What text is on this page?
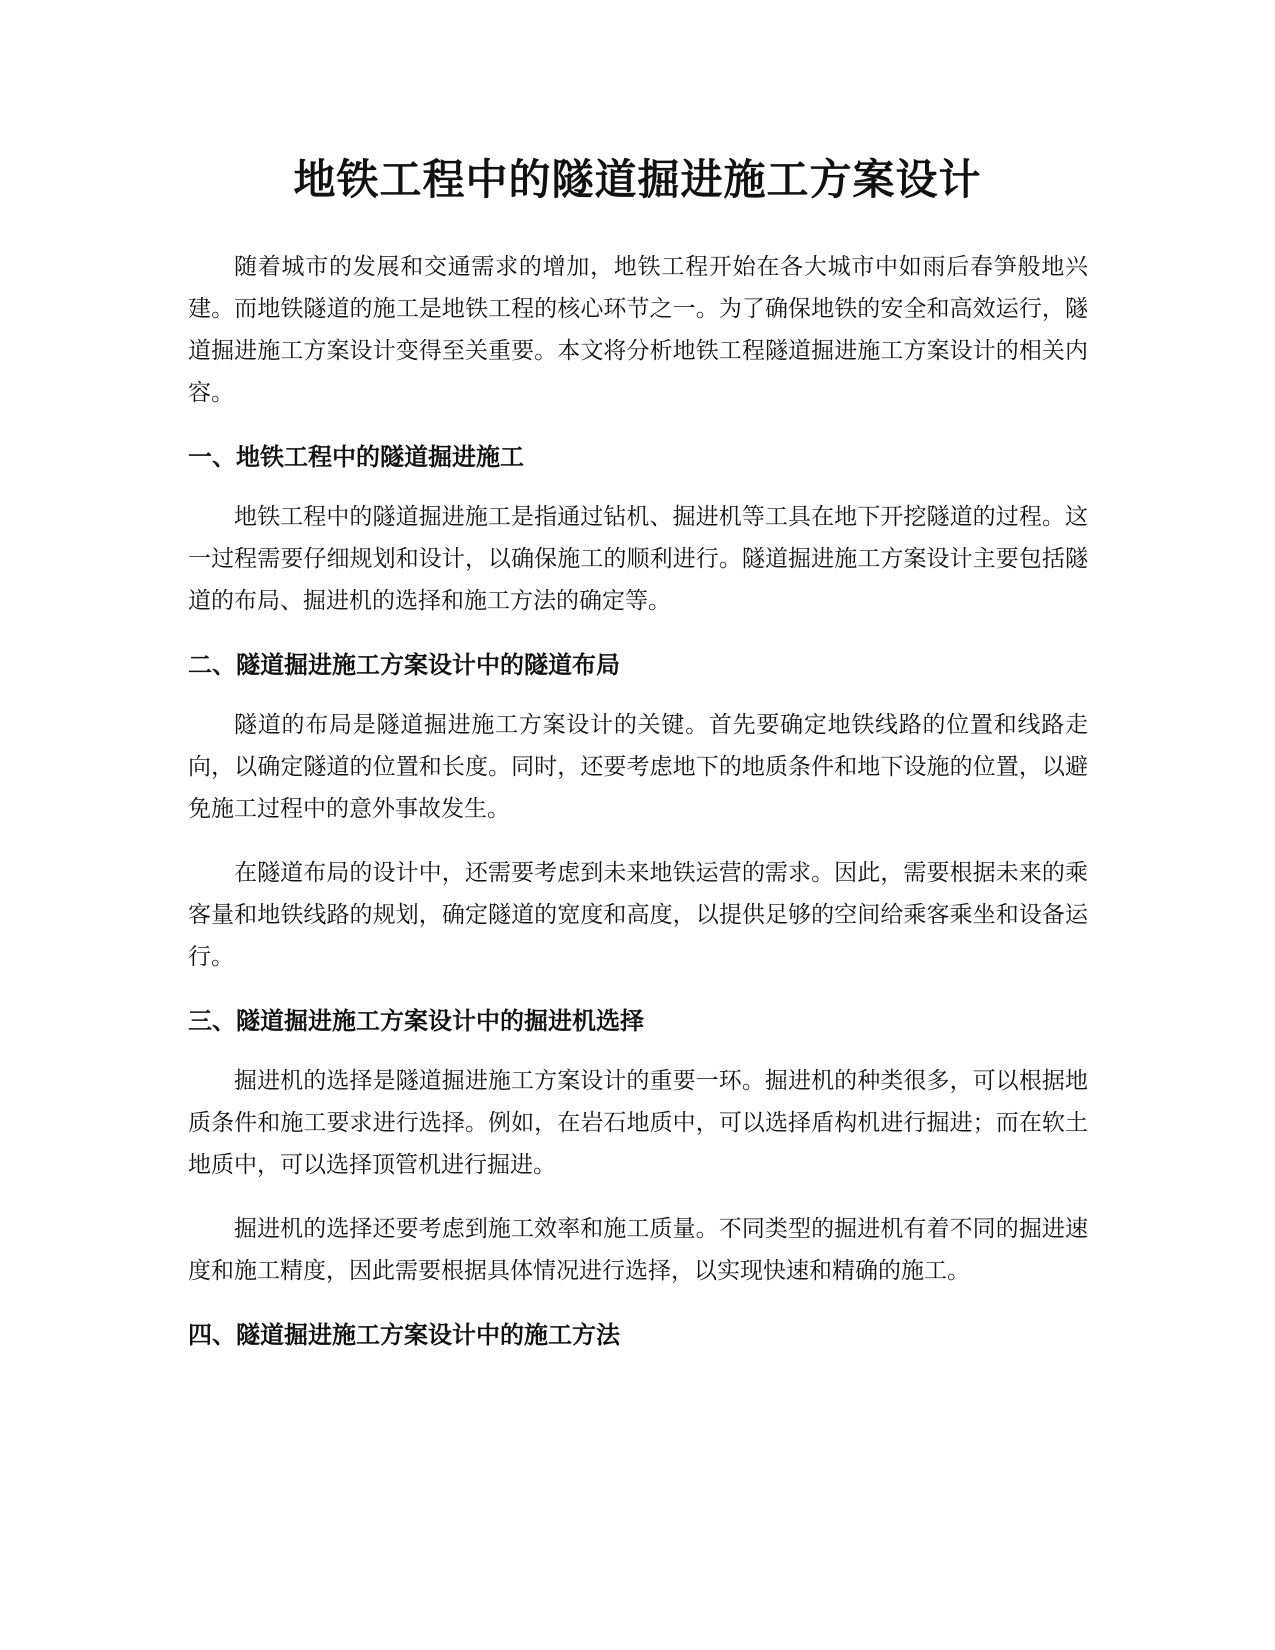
地铁工程中的隧道掘进施工方案设计

随着城市的发展和交通需求的增加，地铁工程开始在各大城市中如雨后春笋般地兴建。而地铁隧道的施工是地铁工程的核心环节之一。为了确保地铁的安全和高效运行，隧道掘进施工方案设计变得至关重要。本文将分析地铁工程隧道掘进施工方案设计的相关内容。

一、地铁工程中的隧道掘进施工

地铁工程中的隧道掘进施工是指通过钻机、掘进机等工具在地下开挖隧道的过程。这一过程需要仔细规划和设计，以确保施工的顺利进行。隧道掘进施工方案设计主要包括隧道的布局、掘进机的选择和施工方法的确定等。

二、隧道掘进施工方案设计中的隧道布局

隧道的布局是隧道掘进施工方案设计的关键。首先要确定地铁线路的位置和线路走向，以确定隧道的位置和长度。同时，还要考虑地下的地质条件和地下设施的位置，以避免施工过程中的意外事故发生。

在隧道布局的设计中，还需要考虑到未来地铁运营的需求。因此，需要根据未来的乘客量和地铁线路的规划，确定隧道的宽度和高度，以提供足够的空间给乘客乘坐和设备运行。

三、隧道掘进施工方案设计中的掘进机选择

掘进机的选择是隧道掘进施工方案设计的重要一环。掘进机的种类很多，可以根据地质条件和施工要求进行选择。例如，在岩石地质中，可以选择盾构机进行掘进；而在软土地质中，可以选择顶管机进行掘进。

掘进机的选择还要考虑到施工效率和施工质量。不同类型的掘进机有着不同的掘进速度和施工精度，因此需要根据具体情况进行选择，以实现快速和精确的施工。

四、隧道掘进施工方案设计中的施工方法
